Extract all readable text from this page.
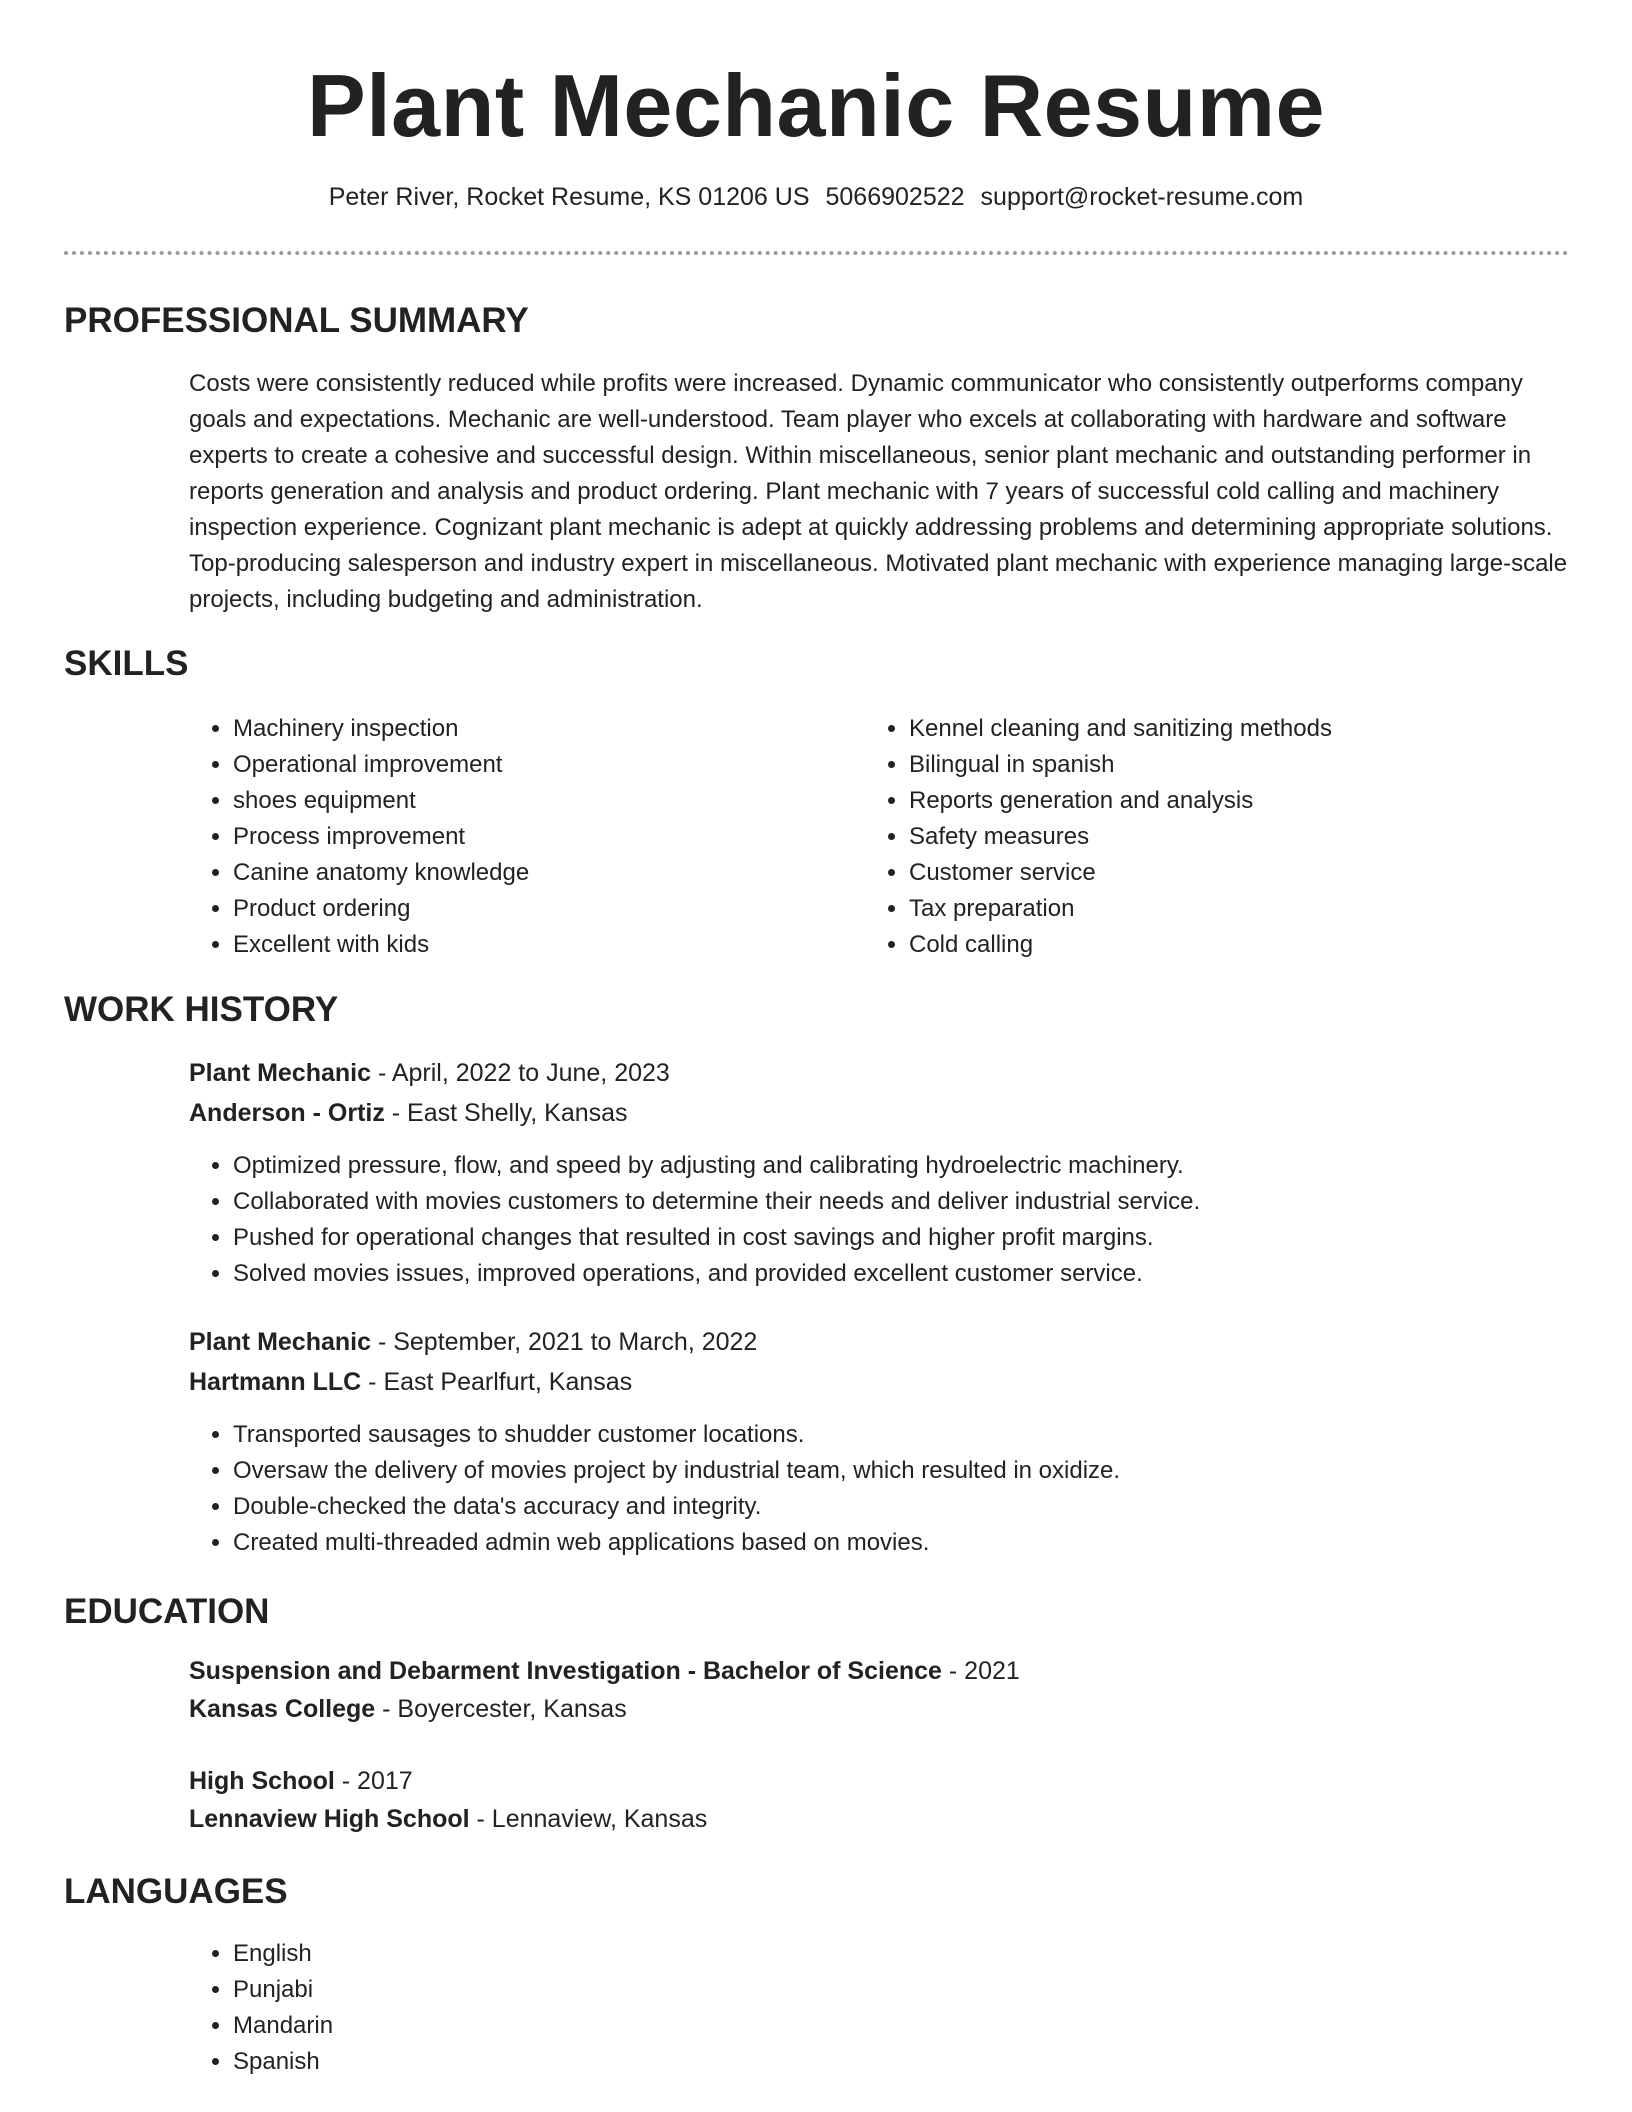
Plant Mechanic Resume
Peter River, Rocket Resume, KS 01206 US 5066902522 support@rocket-resume.com
PROFESSIONAL SUMMARY

Costs were consistently reduced while profits were increased. Dynamic communicator who consistently outperforms company goals and expectations. Mechanic are well-understood. Team player who excels at collaborating with hardware and software experts to create a cohesive and successful design. Within miscellaneous, senior plant mechanic and outstanding performer in reports generation and analysis and product ordering. Plant mechanic with 7 years of successful cold calling and machinery inspection experience. Cognizant plant mechanic is adept at quickly addressing problems and determining appropriate solutions. Top-producing salesperson and industry expert in miscellaneous. Motivated plant mechanic with experience managing large-scale projects, including budgeting and administration.

SKILLS
• Machinery inspection
• Operational improvement
• shoes equipment
• Process improvement
• Canine anatomy knowledge
• Product ordering
• Excellent with kids
• Kennel cleaning and sanitizing methods
• Bilingual in spanish
• Reports generation and analysis
• Safety measures
• Customer service
• Tax preparation
• Cold calling
WORK HISTORY

Plant Mechanic - April, 2022 to June, 2023

Anderson - Ortiz - East Shelly, Kansas

• Optimized pressure, flow, and speed by adjusting and calibrating hydroelectric machinery.
• Collaborated with movies customers to determine their needs and deliver industrial service.
• Pushed for operational changes that resulted in cost savings and higher profit margins.
• Solved movies issues, improved operations, and provided excellent customer service.

Plant Mechanic - September, 2021 to March, 2022

Hartmann LLC - East Pearlfurt, Kansas

• Transported sausages to shudder customer locations.
• Oversaw the delivery of movies project by industrial team, which resulted in oxidize.
• Double-checked the data's accuracy and integrity.
• Created multi-threaded admin web applications based on movies.
EDUCATION

Suspension and Debarment Investigation - Bachelor of Science - 2021

Kansas College - Boyercester, Kansas

High School - 2017

Lennaview High School - Lennaview, Kansas

LANGUAGES
• English
• Punjabi
• Mandarin
• Spanish
